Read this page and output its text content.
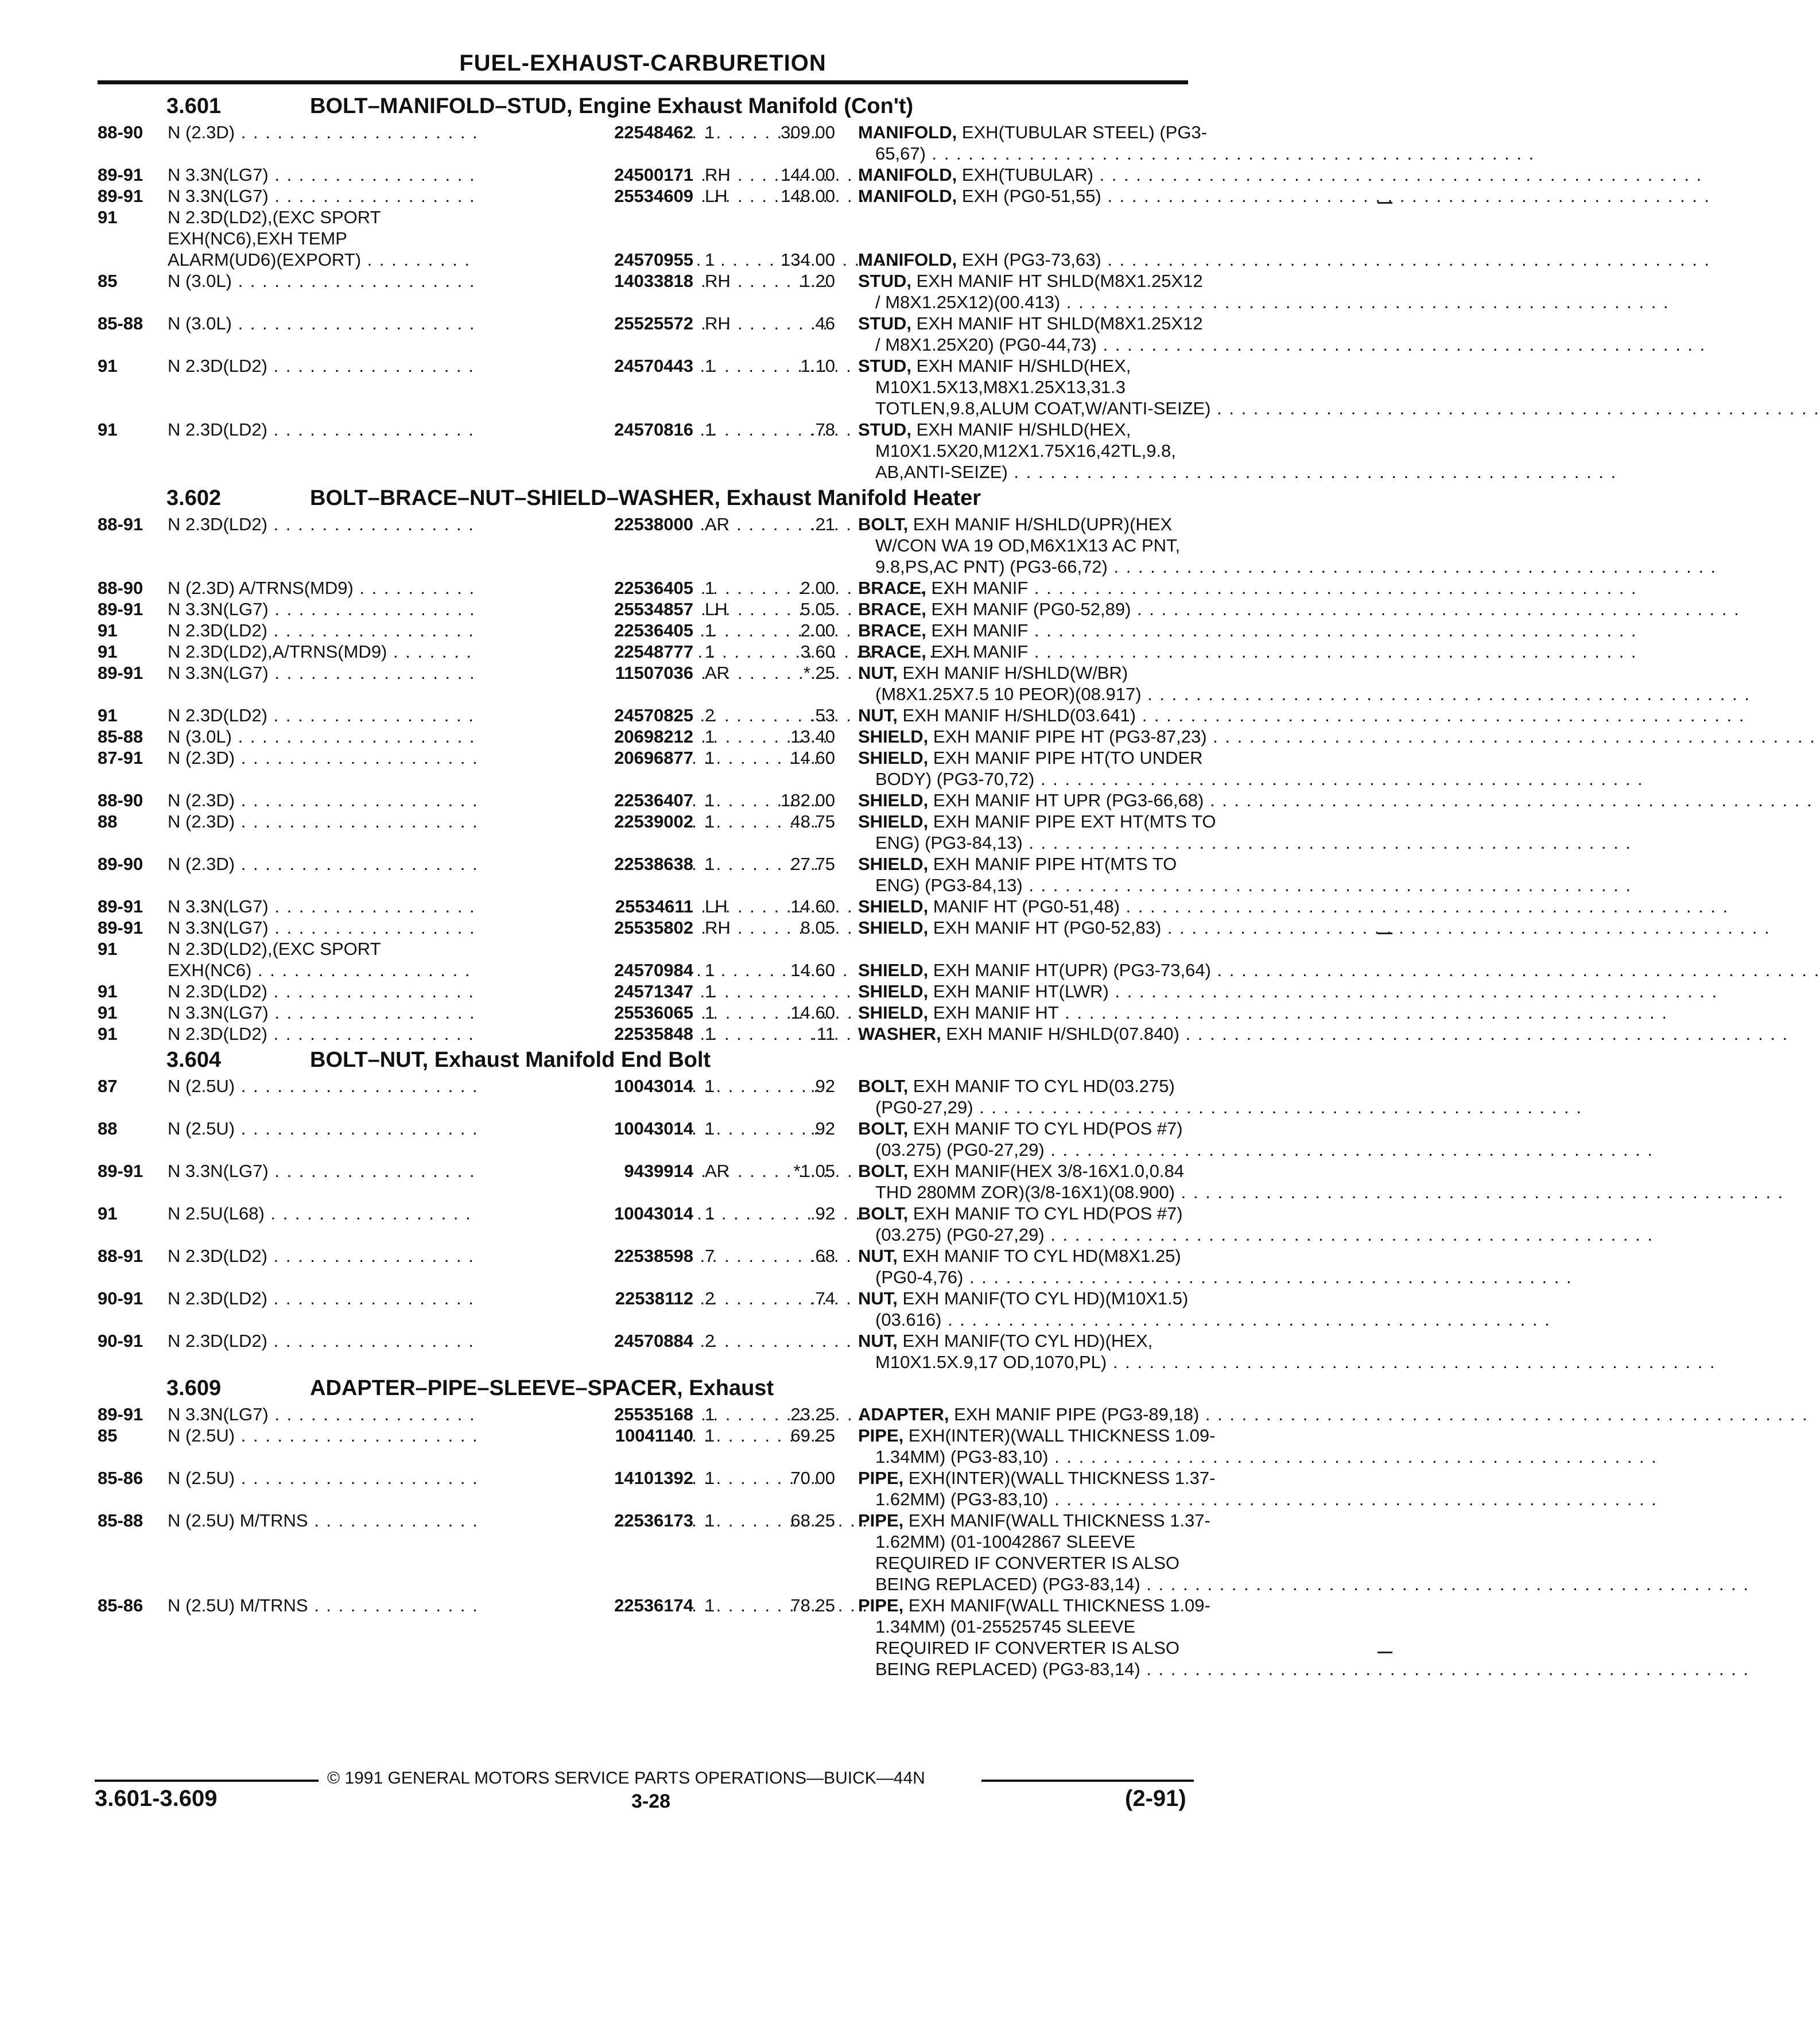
FUEL-EXHAUST-CARBURETION
3.601	BOLT–MANIFOLD–STUD, Engine Exhaust Manifold (Con't)
88-90 N (2.3D) . . .	22548462 1	309.00 MANIFOLD, EXH(TUBULAR STEEL) (PG3-
65,67) . . .
89-91 N 3.3N(LG7) . . .	24500171 RH	144.00 MANIFOLD, EXH(TUBULAR) . . .
89-91 N 3.3N(LG7) . . .	25534609 LH	148.00 MANIFOLD, EXH (PG0-51,55) . . .
91	N 2.3D(LD2),(EXC SPORT
EXH(NC6),EXH TEMP
ALARM(UD6)(EXPORT) . . .	24570955 1	134.00 MANIFOLD, EXH (PG3-73,63) . . .
85	N (3.0L) . . .	14033818 RH	1.20 STUD, EXH MANIF HT SHLD(M8X1.25X12
/ M8X1.25X12)(00.413) . . .
85-88 N (3.0L) . . .	25525572 RH	.46 STUD, EXH MANIF HT SHLD(M8X1.25X12
/ M8X1.25X20) (PG0-44,73) . . .
91	N 2.3D(LD2) . . .	24570443 1	1.10 STUD, EXH MANIF H/SHLD(HEX,
M10X1.5X13,M8X1.25X13,31.3
TOTLEN,9.8,ALUM COAT,W/ANTI-SEIZE) . . .
91	N 2.3D(LD2) . . .	24570816 1	.78 STUD, EXH MANIF H/SHLD(HEX,
M10X1.5X20,M12X1.75X16,42TL,9.8,
AB,ANTI-SEIZE) . . .
3.602	BOLT–BRACE–NUT–SHIELD–WASHER, Exhaust Manifold Heater
88-91 N 2.3D(LD2) . . .	22538000 AR	.21 BOLT, EXH MANIF H/SHLD(UPR)(HEX
W/CON WA 19 OD,M6X1X13 AC PNT,
9.8,PS,AC PNT) (PG3-66,72) . . .
88-90 N (2.3D) A/TRNS(MD9) . . .	22536405 1	2.00 BRACE, EXH MANIF . . .
89-91 N 3.3N(LG7) . . .	25534857 LH	5.05 BRACE, EXH MANIF (PG0-52,89) . . .
91	N 2.3D(LD2) . . .	22536405 1	2.00 BRACE, EXH MANIF . . .
91	N 2.3D(LD2),A/TRNS(MD9) . . .	22548777 1	3.60 BRACE, EXH MANIF . . .
89-91 N 3.3N(LG7) . . .	11507036 AR	*.25 NUT, EXH MANIF H/SHLD(W/BR)
(M8X1.25X7.5 10 PEOR)(08.917) . . .
91	N 2.3D(LD2) . . .	24570825 2	.53 NUT, EXH MANIF H/SHLD(03.641) . . .
85-88 N (3.0L) . . .	20698212 1	13.40 SHIELD, EXH MANIF PIPE HT (PG3-87,23) . . .
87-91 N (2.3D) . . .	20696877 1	14.60 SHIELD, EXH MANIF PIPE HT(TO UNDER
BODY) (PG3-70,72) . . .
88-90 N (2.3D) . . .	22536407 1	182.00 SHIELD, EXH MANIF HT UPR (PG3-66,68) . . .
88	N (2.3D) . . .	22539002 1	48.75 SHIELD, EXH MANIF PIPE EXT HT(MTS TO
ENG) (PG3-84,13) . . .
89-90 N (2.3D) . . .	22538638 1	27.75 SHIELD, EXH MANIF PIPE HT(MTS TO
ENG) (PG3-84,13) . . .
89-91 N 3.3N(LG7) . . .	25534611 LH	14.60 SHIELD, MANIF HT (PG0-51,48) . . .
89-91 N 3.3N(LG7) . . .	25535802 RH	8.05 SHIELD, EXH MANIF HT (PG0-52,83) . . .
91	N 2.3D(LD2),(EXC SPORT
EXH(NC6) . . .	24570984 1	14.60 SHIELD, EXH MANIF HT(UPR) (PG3-73,64) . . .
91	N 2.3D(LD2) . . .	24571347 1	SHIELD, EXH MANIF HT(LWR) . . .
91	N 3.3N(LG7) . . .	25536065 1	14.60 SHIELD, EXH MANIF HT . . .
91	N 2.3D(LD2) . . .	22535848 1	.11 WASHER, EXH MANIF H/SHLD(07.840) . . .
3.604	BOLT–NUT, Exhaust Manifold End Bolt
87	N (2.5U) . . .	10043014 1	.92 BOLT, EXH MANIF TO CYL HD(03.275)
(PG0-27,29) . . .
88	N (2.5U) . . .	10043014 1	.92 BOLT, EXH MANIF TO CYL HD(POS #7)
(03.275) (PG0-27,29) . . .
89-91 N 3.3N(LG7) . . .	9439914 AR	*1.05 BOLT, EXH MANIF(HEX 3/8-16X1.0,0.84
THD 280MM ZOR)(3/8-16X1)(08.900) . . .
91	N 2.5U(L68) . . .	10043014 1	.92 BOLT, EXH MANIF TO CYL HD(POS #7)
(03.275) (PG0-27,29) . . .
88-91 N 2.3D(LD2) . . .	22538598 7	.68 NUT, EXH MANIF TO CYL HD(M8X1.25)
(PG0-4,76) . . .
90-91 N 2.3D(LD2) . . .	22538112 2	.74 NUT, EXH MANIF(TO CYL HD)(M10X1.5)
(03.616) . . .
90-91 N 2.3D(LD2) . . .	24570884 2	NUT, EXH MANIF(TO CYL HD)(HEX,
M10X1.5X.9,17 OD,1070,PL) . . .
3.609	ADAPTER–PIPE–SLEEVE–SPACER, Exhaust
89-91 N 3.3N(LG7) . . .	25535168 1	23.25 ADAPTER, EXH MANIF PIPE (PG3-89,18) . . .
85	N (2.5U) . . .	10041140 1	69.25 PIPE, EXH(INTER)(WALL THICKNESS 1.09-
1.34MM) (PG3-83,10) . . .
85-86 N (2.5U) . . .	14101392 1	70.00 PIPE, EXH(INTER)(WALL THICKNESS 1.37-
1.62MM) (PG3-83,10) . . .
85-88 N (2.5U) M/TRNS . . .	22536173 1	68.25 PIPE, EXH MANIF(WALL THICKNESS 1.37-
1.62MM) (01-10042867 SLEEVE
REQUIRED IF CONVERTER IS ALSO
BEING REPLACED) (PG3-83,14) . . .
85-86 N (2.5U) M/TRNS . . .	22536174 1	78.25 PIPE, EXH MANIF(WALL THICKNESS 1.09-
1.34MM) (01-25525745 SLEEVE
REQUIRED IF CONVERTER IS ALSO
BEING REPLACED) (PG3-83,14) . . .
© 1991 GENERAL MOTORS SERVICE PARTS OPERATIONS—BUICK—44N
3.601-3.609	3-28	(2-91)
